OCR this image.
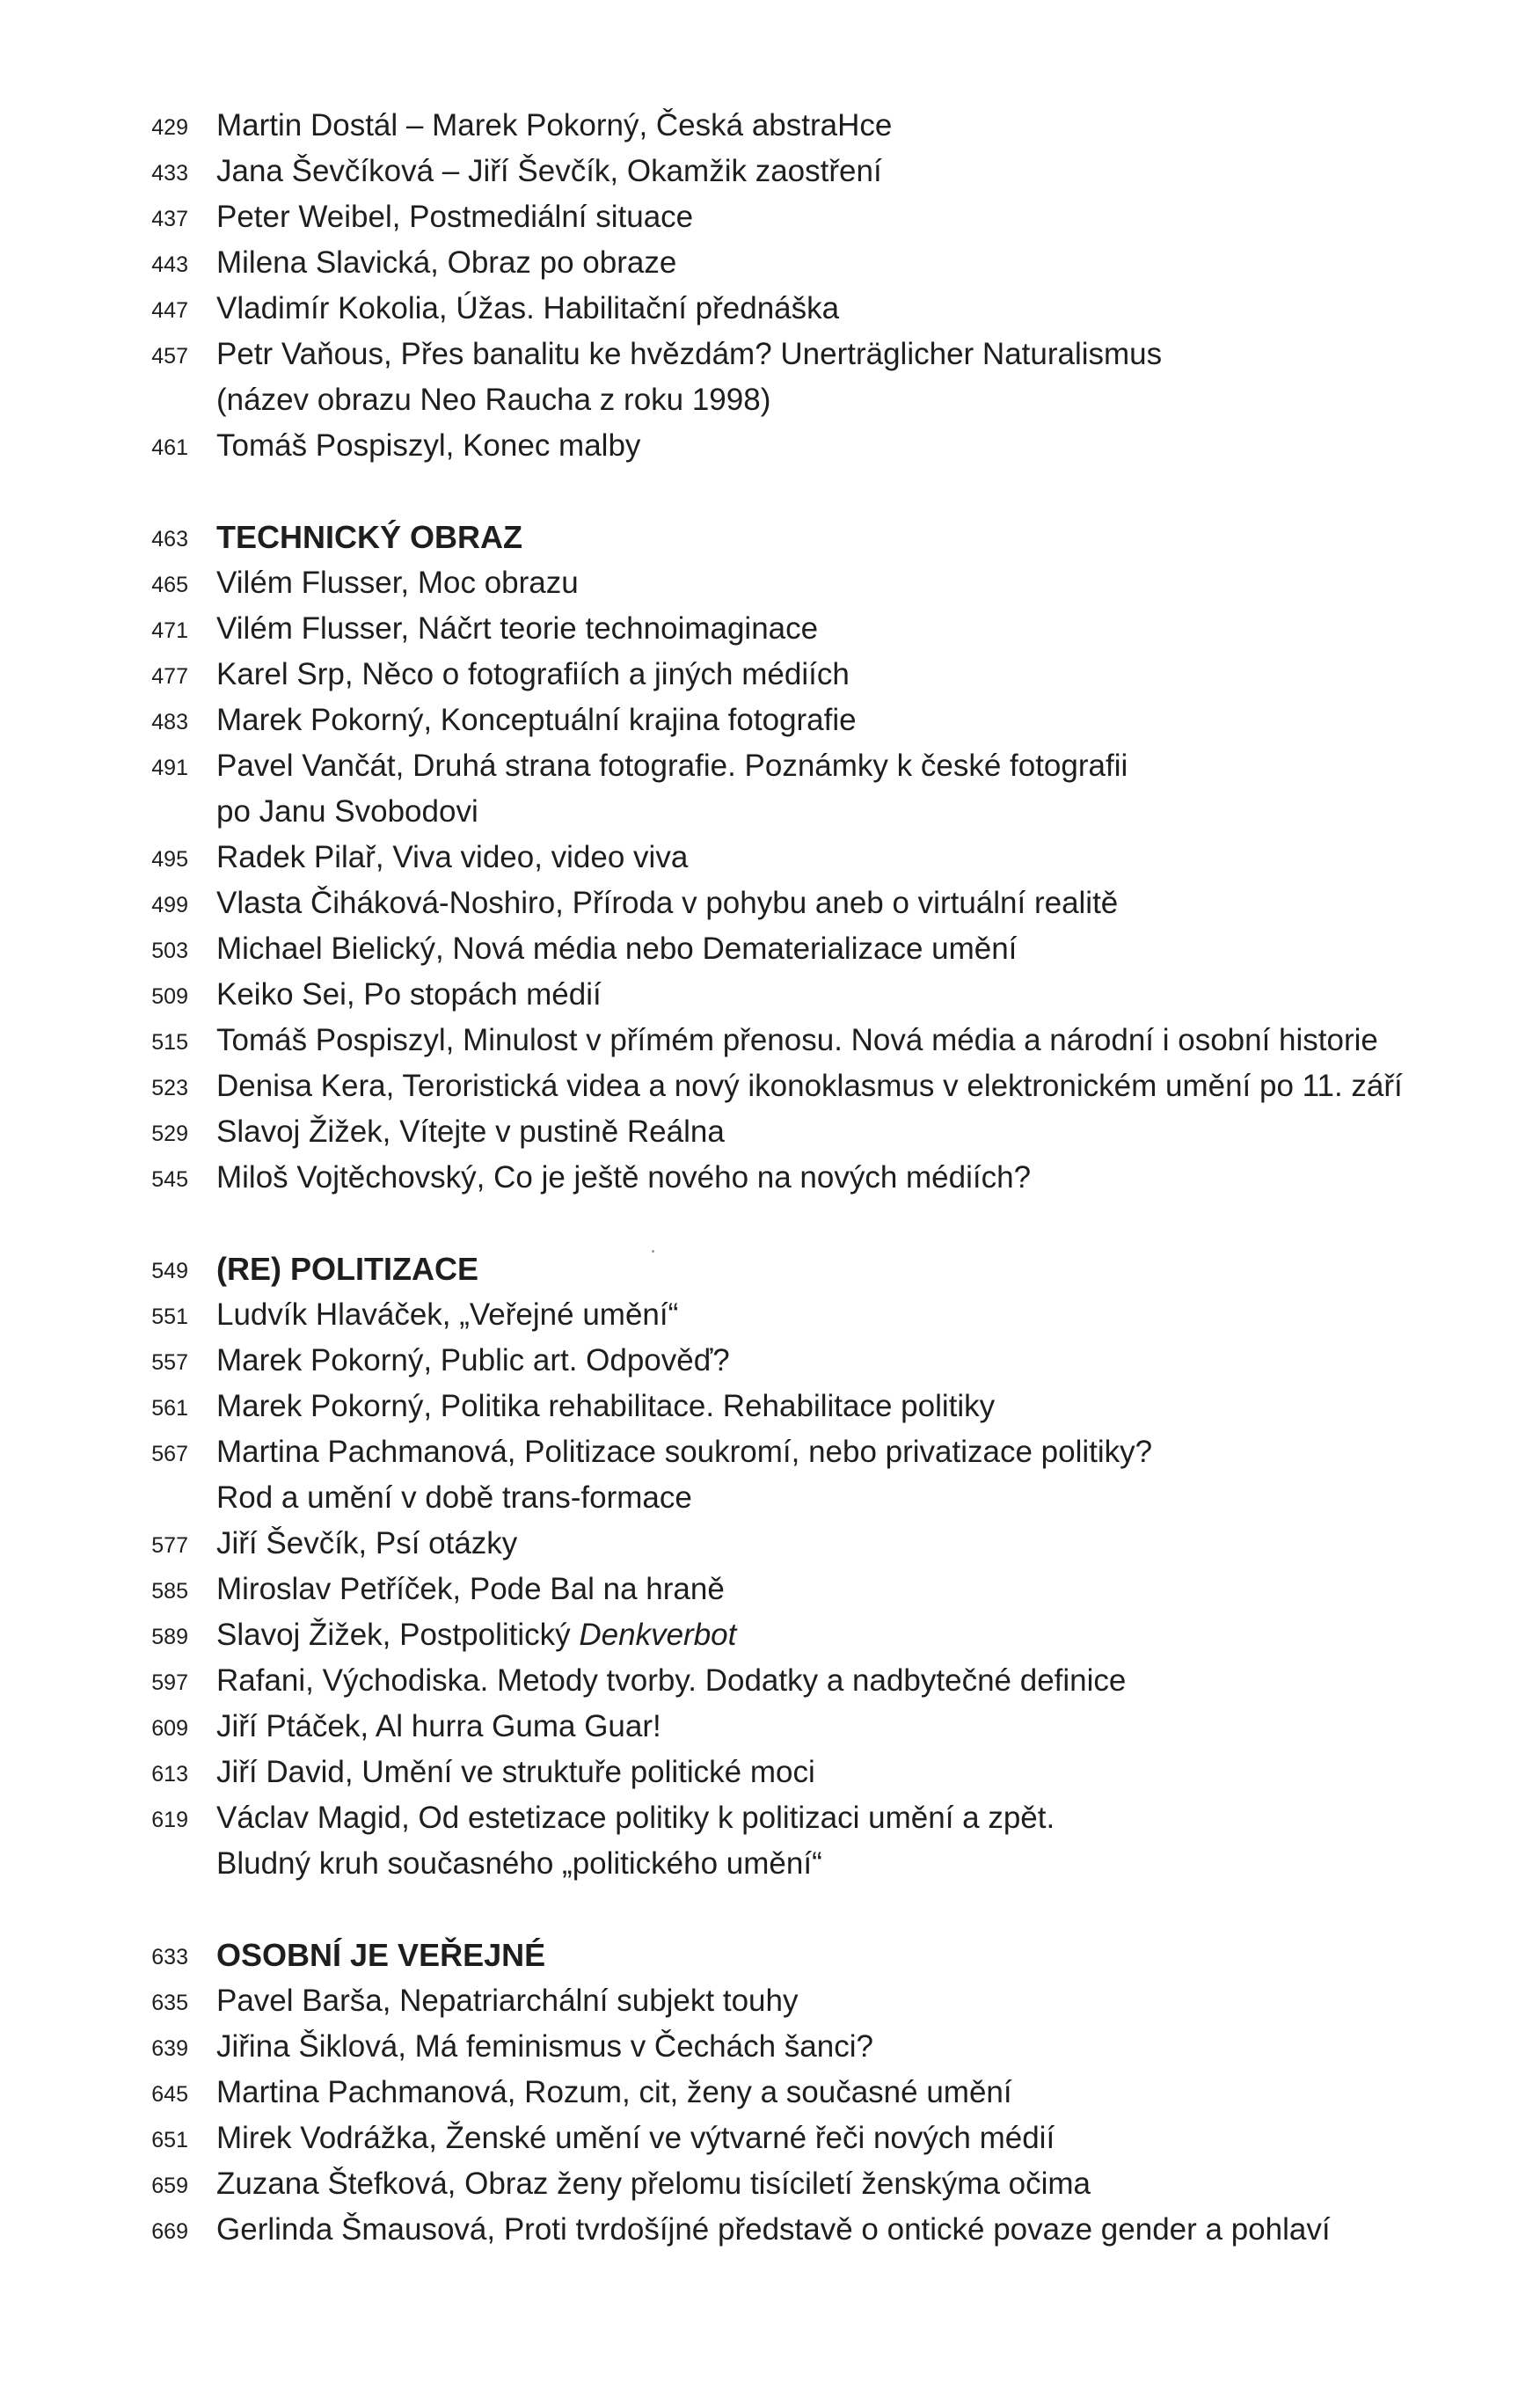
429 Martin Dostál – Marek Pokorný, Česká abstraHce
433 Jana Ševčíková – Jiří Ševčík, Okamžik zaostření
437 Peter Weibel, Postmediální situace
443 Milena Slavická, Obraz po obraze
447 Vladimír Kokolia, Úžas. Habilitační přednáška
457 Petr Vaňous, Přes banalitu ke hvězdám? Unerträglicher Naturalismus
(název obrazu Neo Raucha z roku 1998)
461 Tomáš Pospiszyl, Konec malby
463 TECHNICKÝ OBRAZ
465 Vilém Flusser, Moc obrazu
471 Vilém Flusser, Náčrt teorie technoimaginace
477 Karel Srp, Něco o fotografiích a jiných médiích
483 Marek Pokorný, Konceptuální krajina fotografie
491 Pavel Vančát, Druhá strana fotografie. Poznámky k české fotografii
po Janu Svobodovi
495 Radek Pilař, Viva video, video viva
499 Vlasta Čiháková-Noshiro, Příroda v pohybu aneb o virtuální realitě
503 Michael Bielický, Nová média nebo Dematerializace umění
509 Keiko Sei, Po stopách médií
515 Tomáš Pospiszyl, Minulost v přímém přenosu. Nová média a národní i osobní historie
523 Denisa Kera, Teroristická videa a nový ikonoklasmus v elektronickém umění po 11. září
529 Slavoj Žižek, Vítejte v pustině Reálna
545 Miloš Vojtěchovský, Co je ještě nového na nových médiích?
549 (RE) POLITIZACE
551 Ludvík Hlaváček, „Veřejné umění“
557 Marek Pokorný, Public art. Odpověď?
561 Marek Pokorný, Politika rehabilitace. Rehabilitace politiky
567 Martina Pachmanová, Politizace soukromí, nebo privatizace politiky?
Rod a umění v době trans-formace
577 Jiří Ševčík, Psí otázky
585 Miroslav Petříček, Pode Bal na hraně
589 Slavoj Žižek, Postpolitický Denkverbot
597 Rafani, Východiska. Metody tvorby. Dodatky a nadbytečné definice
609 Jiří Ptáček, Al hurra Guma Guar!
613 Jiří David, Umění ve struktuře politické moci
619 Václav Magid, Od estetizace politiky k politizaci umění a zpět.
Bludný kruh současného „politického umění“
633 OSOBNÍ JE VEŘEJNÉ
635 Pavel Barša, Nepatriarchální subjekt touhy
639 Jiřina Šiklová, Má feminismus v Čechách šanci?
645 Martina Pachmanová, Rozum, cit, ženy a současné umění
651 Mirek Vodrážka, Ženské umění ve výtvarné řeči nových médií
659 Zuzana Štefková, Obraz ženy přelomu tisíciletí ženskýma očima
669 Gerlinda Šmausová, Proti tvrdošíjné představě o ontické povaze gender a pohlaví
